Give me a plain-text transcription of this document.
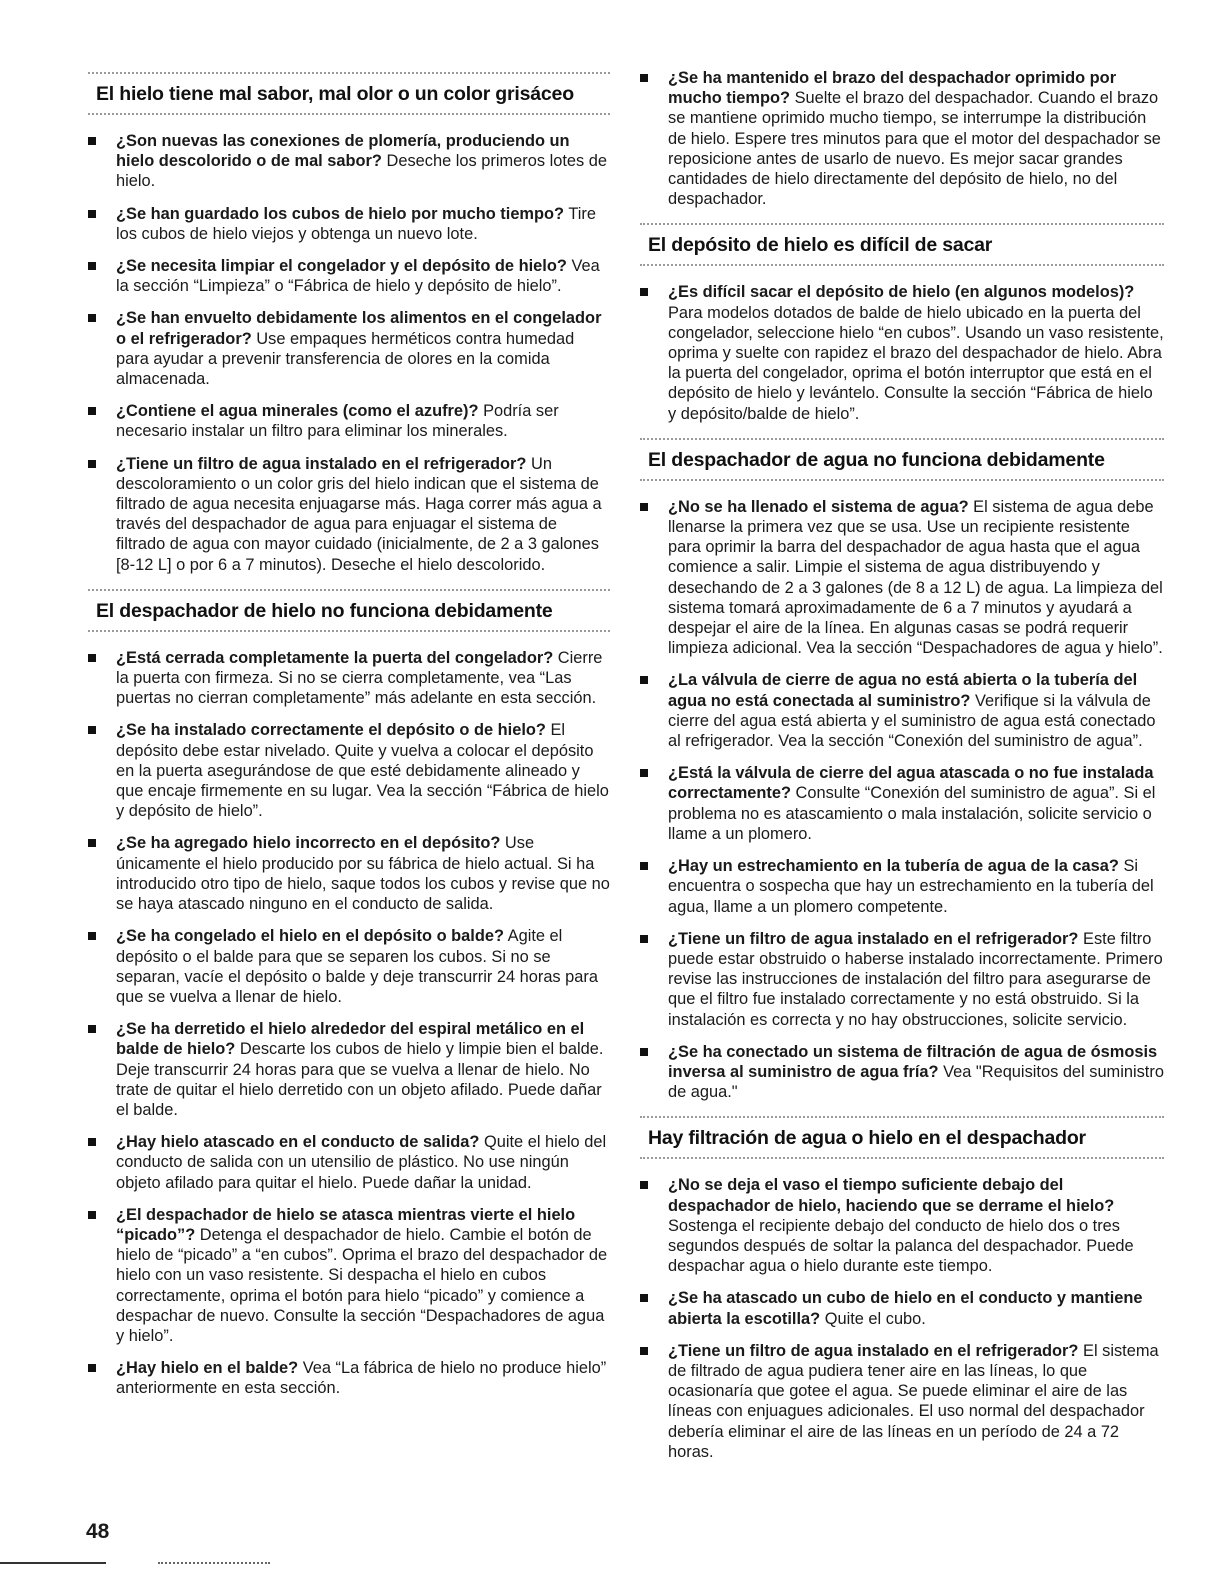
El hielo tiene mal sabor, mal olor o un color grisáceo
¿Son nuevas las conexiones de plomería, produciendo un hielo descolorido o de mal sabor? Deseche los primeros lotes de hielo.
¿Se han guardado los cubos de hielo por mucho tiempo? Tire los cubos de hielo viejos y obtenga un nuevo lote.
¿Se necesita limpiar el congelador y el depósito de hielo? Vea la sección “Limpieza” o “Fábrica de hielo y depósito de hielo”.
¿Se han envuelto debidamente los alimentos en el congelador o el refrigerador? Use empaques herméticos contra humedad para ayudar a prevenir transferencia de olores en la comida almacenada.
¿Contiene el agua minerales (como el azufre)? Podría ser necesario instalar un filtro para eliminar los minerales.
¿Tiene un filtro de agua instalado en el refrigerador? Un descoloramiento o un color gris del hielo indican que el sistema de filtrado de agua necesita enjuagarse más. Haga correr más agua a través del despachador de agua para enjuagar el sistema de filtrado de agua con mayor cuidado (inicialmente, de 2 a 3 galones [8-12 L] o por 6 a 7 minutos). Deseche el hielo descolorido.
El despachador de hielo no funciona debidamente
¿Está cerrada completamente la puerta del congelador? Cierre la puerta con firmeza. Si no se cierra completamente, vea “Las puertas no cierran completamente” más adelante en esta sección.
¿Se ha instalado correctamente el depósito o de hielo? El depósito debe estar nivelado. Quite y vuelva a colocar el depósito en la puerta asegurándose de que esté debidamente alineado y que encaje firmemente en su lugar. Vea la sección “Fábrica de hielo y depósito de hielo”.
¿Se ha agregado hielo incorrecto en el depósito? Use únicamente el hielo producido por su fábrica de hielo actual. Si ha introducido otro tipo de hielo, saque todos los cubos y revise que no se haya atascado ninguno en el conducto de salida.
¿Se ha congelado el hielo en el depósito o balde? Agite el depósito o el balde para que se separen los cubos. Si no se separan, vacíe el depósito o balde y deje transcurrir 24 horas para que se vuelva a llenar de hielo.
¿Se ha derretido el hielo alrededor del espiral metálico en el balde de hielo? Descarte los cubos de hielo y limpie bien el balde. Deje transcurrir 24 horas para que se vuelva a llenar de hielo. No trate de quitar el hielo derretido con un objeto afilado. Puede dañar el balde.
¿Hay hielo atascado en el conducto de salida? Quite el hielo del conducto de salida con un utensilio de plástico. No use ningún objeto afilado para quitar el hielo. Puede dañar la unidad.
¿El despachador de hielo se atasca mientras vierte el hielo “picado”? Detenga el despachador de hielo. Cambie el botón de hielo de “picado” a “en cubos”. Oprima el brazo del despachador de hielo con un vaso resistente. Si despacha el hielo en cubos correctamente, oprima el botón para hielo “picado” y comience a despachar de nuevo. Consulte la sección “Despachadores de agua y hielo”.
¿Hay hielo en el balde? Vea “La fábrica de hielo no produce hielo” anteriormente en esta sección.
¿Se ha mantenido el brazo del despachador oprimido por mucho tiempo? Suelte el brazo del despachador. Cuando el brazo se mantiene oprimido mucho tiempo, se interrumpe la distribución de hielo. Espere tres minutos para que el motor del despachador se reposicione antes de usarlo de nuevo. Es mejor sacar grandes cantidades de hielo directamente del depósito de hielo, no del despachador.
El depósito de hielo es difícil de sacar
¿Es difícil sacar el depósito de hielo (en algunos modelos)? Para modelos dotados de balde de hielo ubicado en la puerta del congelador, seleccione hielo “en cubos”. Usando un vaso resistente, oprima y suelte con rapidez el brazo del despachador de hielo. Abra la puerta del congelador, oprima el botón interruptor que está en el depósito de hielo y levántelo. Consulte la sección “Fábrica de hielo y depósito/balde de hielo”.
El despachador de agua no funciona debidamente
¿No se ha llenado el sistema de agua? El sistema de agua debe llenarse la primera vez que se usa. Use un recipiente resistente para oprimir la barra del despachador de agua hasta que el agua comience a salir. Limpie el sistema de agua distribuyendo y desechando de 2 a 3 galones (de 8 a 12 L) de agua. La limpieza del sistema tomará aproximadamente de 6 a 7 minutos y ayudará a despejar el aire de la línea. En algunas casas se podrá requerir limpieza adicional. Vea la sección “Despachadores de agua y hielo”.
¿La válvula de cierre de agua no está abierta o la tubería del agua no está conectada al suministro? Verifique si la válvula de cierre del agua está abierta y el suministro de agua está conectado al refrigerador. Vea la sección “Conexión del suministro de agua”.
¿Está la válvula de cierre del agua atascada o no fue instalada correctamente? Consulte “Conexión del suministro de agua”. Si el problema no es atascamiento o mala instalación, solicite servicio o llame a un plomero.
¿Hay un estrechamiento en la tubería de agua de la casa? Si encuentra o sospecha que hay un estrechamiento en la tubería del agua, llame a un plomero competente.
¿Tiene un filtro de agua instalado en el refrigerador? Este filtro puede estar obstruido o haberse instalado incorrectamente. Primero revise las instrucciones de instalación del filtro para asegurarse de que el filtro fue instalado correctamente y no está obstruido. Si la instalación es correcta y no hay obstrucciones, solicite servicio.
¿Se ha conectado un sistema de filtración de agua de ósmosis inversa al suministro de agua fría? Vea "Requisitos del suministro de agua."
Hay filtración de agua o hielo en el despachador
¿No se deja el vaso el tiempo suficiente debajo del despachador de hielo, haciendo que se derrame el hielo? Sostenga el recipiente debajo del conducto de hielo dos o tres segundos después de soltar la palanca del despachador. Puede despachar agua o hielo durante este tiempo.
¿Se ha atascado un cubo de hielo en el conducto y mantiene abierta la escotilla? Quite el cubo.
¿Tiene un filtro de agua instalado en el refrigerador? El sistema de filtrado de agua pudiera tener aire en las líneas, lo que ocasionaría que gotee el agua. Se puede eliminar el aire de las líneas con enjuagues adicionales. El uso normal del despachador debería eliminar el aire de las líneas en un período de 24 a 72 horas.
48
